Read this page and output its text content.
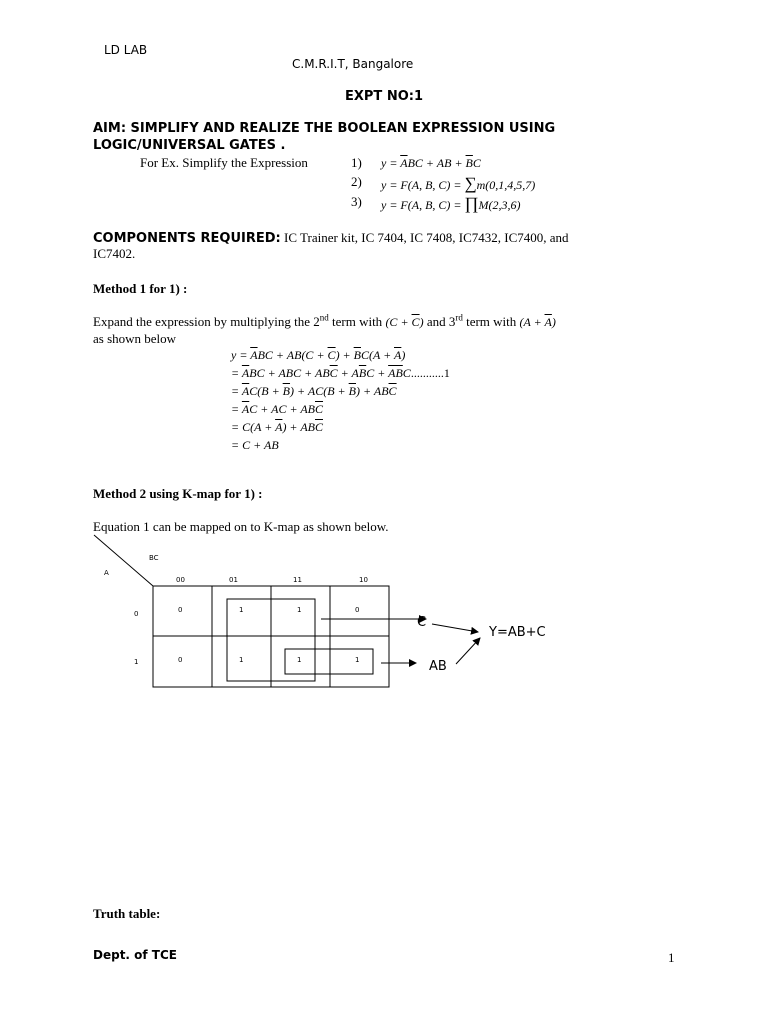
LD LAB
C.M.R.I.T, Bangalore
EXPT NO:1
AIM: SIMPLIFY AND REALIZE THE BOOLEAN EXPRESSION USING
LOGIC/UNIVERSAL GATES .
For Ex. Simplify the Expression	1) $y = \overline{A}BC$ + AB + $\overline{B}C$
2) y = F(A, B, C) = ∑m(0,1,4,5,7)
3) y = F(A, B, C) = ∏M(2,3,6)
COMPONENTS REQUIRED: IC Trainer kit, IC 7404, IC 7408, IC7432, IC7400, and
IC7402.
Method 1 for 1) :
Expand the expression by multiplying the 2nd term with $(C + \overline{C})$ and 3rd term with $(A + \overline{A})$
as shown below
$y = \overline{A}BC + AB(C + \overline{C}) + \overline{B}C(A + \overline{A})$
= $\overline{A}BC$ + ABC + $AB\overline{C} + A\overline{B}C + \overline{AB}C...........1$
= $\overline{A}C(B + \overline{B}) + AC(B + \overline{B}) + AB\overline{C}$
= $\overline{A}C$ + AC + $AB\overline{C}$
= $C(A + \overline{A}) + AB\overline{C}$
= C + AB
Method 2 using K-map for 1) :
Equation 1 can be mapped on to K-map as shown below.
BC
A
00	01	11	10
0
1
0	1	1	0
0	1	1	1
C
AB
Y=AB+C
Truth table:
Dept. of TCE	1
